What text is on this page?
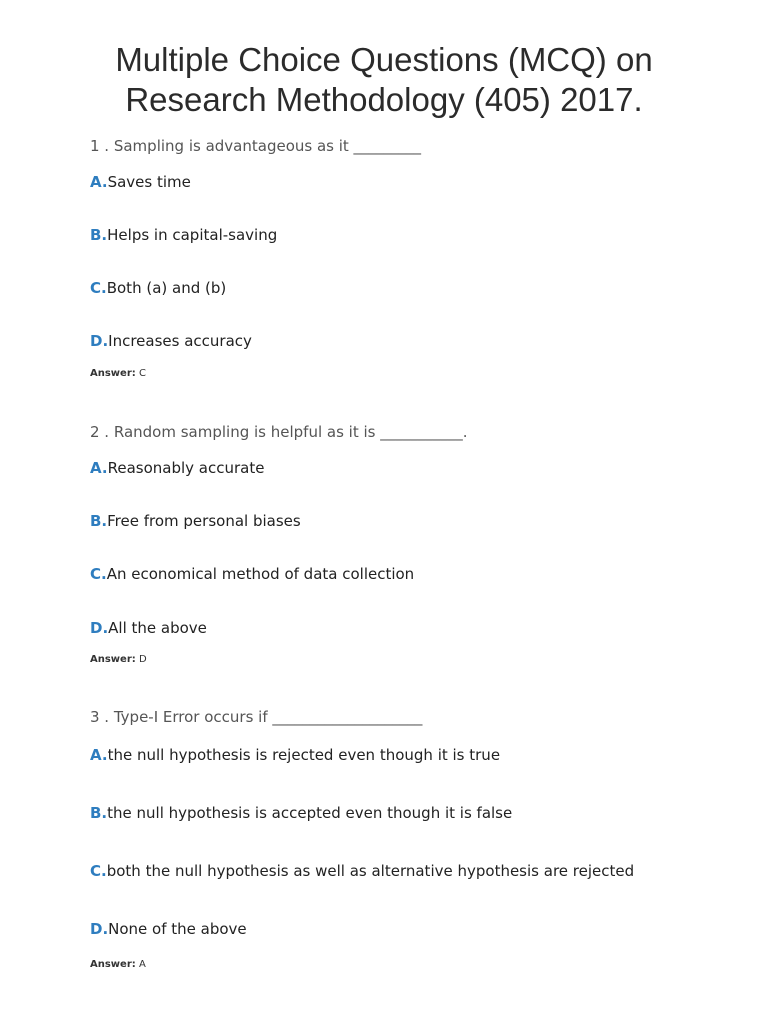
Multiple Choice Questions (MCQ) on
Research Methodology (405) 2017.

1 . Sampling is advantageous as it _________

A.Saves time
B.Helps in capital-saving
C.Both (a) and (b)
D.Increases accuracy
Answer: C

2 . Random sampling is helpful as it is ___________.

A.Reasonably accurate
B.Free from personal biases
C.An economical method of data collection
D.All the above
Answer: D

3 . Type-I Error occurs if ____________________

A.the null hypothesis is rejected even though it is true
B.the null hypothesis is accepted even though it is false
C.both the null hypothesis as well as alternative hypothesis are rejected
D.None of the above
Answer: A
